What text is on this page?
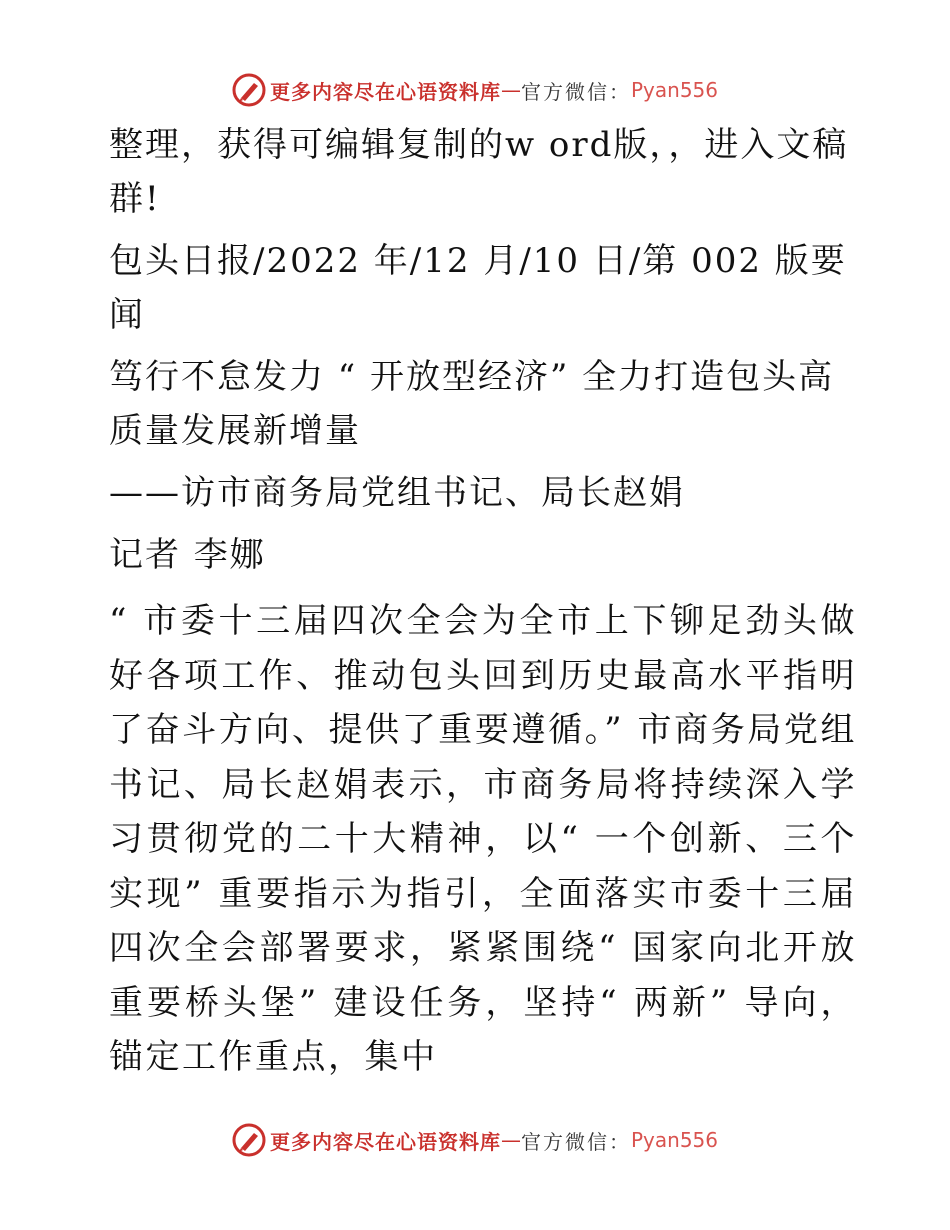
更多内容尽在心语资料库 — 官方微信： Pyan556

整理，获得可编辑复制的w ord版，，进入文稿群!

包头日报/2022 年/12 月/10 日/第 002 版要闻

笃行不怠发力 “ 开放型经济” 全力打造包头高质量发展新增量

——访市商务局党组书记、局长赵娟

记者 李娜

“ 市委十三届四次全会为全市上下铆足劲头做好各项工作、推动包头回到历史最高水平指明了奋斗方向、提供了重要遵循。” 市商务局党组书记、局长赵娟表示，市商务局将持续深入学习贯彻党的二十大精神，以“ 一个创新、三个实现” 重要指示为指引，全面落实市委十三届四次全会部署要求，紧紧围绕“ 国家向北开放重要桥头堡” 建设任务，坚持“ 两新” 导向，锚定工作重点，集中

更多内容尽在心语资料库 — 官方微信： Pyan556
